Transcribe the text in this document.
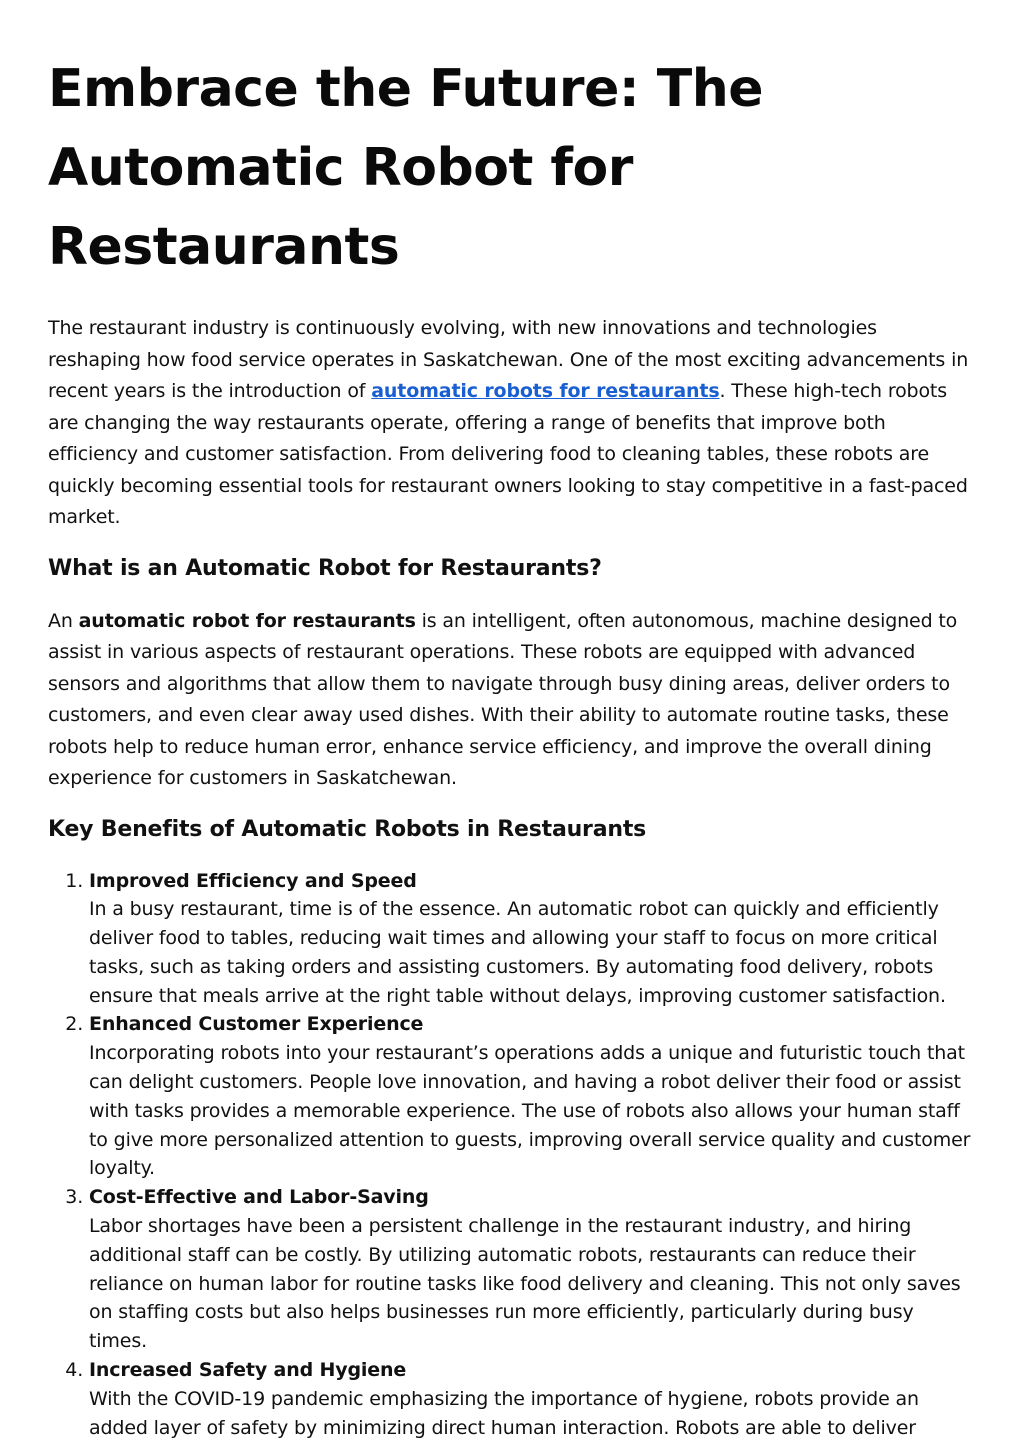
Embrace the Future: The Automatic Robot for Restaurants

The restaurant industry is continuously evolving, with new innovations and technologies reshaping how food service operates in Saskatchewan. One of the most exciting advancements in recent years is the introduction of automatic robots for restaurants. These high-tech robots are changing the way restaurants operate, offering a range of benefits that improve both efficiency and customer satisfaction. From delivering food to cleaning tables, these robots are quickly becoming essential tools for restaurant owners looking to stay competitive in a fast-paced market.

What is an Automatic Robot for Restaurants?

An automatic robot for restaurants is an intelligent, often autonomous, machine designed to assist in various aspects of restaurant operations. These robots are equipped with advanced sensors and algorithms that allow them to navigate through busy dining areas, deliver orders to customers, and even clear away used dishes. With their ability to automate routine tasks, these robots help to reduce human error, enhance service efficiency, and improve the overall dining experience for customers in Saskatchewan.

Key Benefits of Automatic Robots in Restaurants
1. Improved Efficiency and Speed
In a busy restaurant, time is of the essence. An automatic robot can quickly and efficiently deliver food to tables, reducing wait times and allowing your staff to focus on more critical tasks, such as taking orders and assisting customers. By automating food delivery, robots ensure that meals arrive at the right table without delays, improving customer satisfaction.
2. Enhanced Customer Experience
Incorporating robots into your restaurant’s operations adds a unique and futuristic touch that can delight customers. People love innovation, and having a robot deliver their food or assist with tasks provides a memorable experience. The use of robots also allows your human staff to give more personalized attention to guests, improving overall service quality and customer loyalty.
3. Cost-Effective and Labor-Saving
Labor shortages have been a persistent challenge in the restaurant industry, and hiring additional staff can be costly. By utilizing automatic robots, restaurants can reduce their reliance on human labor for routine tasks like food delivery and cleaning. This not only saves on staffing costs but also helps businesses run more efficiently, particularly during busy times.
4. Increased Safety and Hygiene
With the COVID-19 pandemic emphasizing the importance of hygiene, robots provide an added layer of safety by minimizing direct human interaction. Robots are able to deliver
